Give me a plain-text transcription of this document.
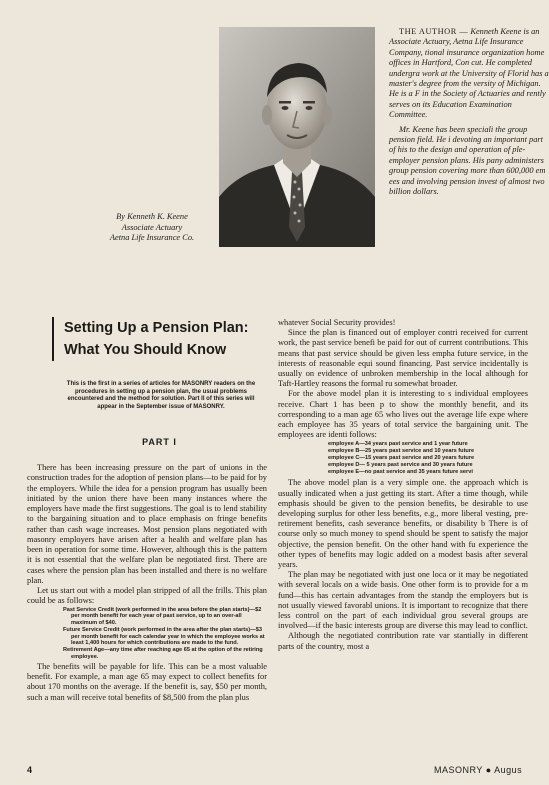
By Kenneth K. Keene
Associate Actuary
Aetna Life Insurance Co.

THE AUTHOR — Kenneth Keene is an Associate Actuary, Aetna Life Insurance Company, tional insurance organization home offices in Hartford, Con cut. He completed undergra work at the University of Florid has a master's degree from the versity of Michigan. He is a F in the Society of Actuaries and rently serves on its Education Examination Committee.

Mr. Keene has been speciali the group pension field. He i devoting an important part of his to the design and operation of ple-employer pension plans. His pany administers group pension covering more than 600,000 em ees and involving pension invest of almost two billion dollars.

Setting Up a Pension Plan:
What You Should Know
This is the first in a series of articles for MASONRY readers on the procedures in setting up a pension plan, the usual problems encountered and the method for solution. Part II of this series will appear in the September issue of MASONRY.
PART I

There has been increasing pressure on the part of unions in the construction trades for the adoption of pension plans—to be paid for by the employers. While the idea for a pension program has usually been initiated by the union there have been many instances where the employers have made the first suggestions. The goal is to lend stability to the bargaining situation and to place emphasis on fringe benefits rather than cash wage increases. Most pension plans negotiated with masonry employers have arisen after a health and welfare plan has been in operation for some time. However, although this is the pattern it is not essential that the welfare plan be negotiated first. There are cases where the pension plan has been installed and there is no welfare plan.

Let us start out with a model plan stripped of all the frills. This plan could be as follows:

Past Service Credit (work performed in the area before the plan starts)—$2 per month benefit for each year of past service, up to an over-all maximum of $40.
Future Service Credit (work performed in the area after the plan starts)—$3 per month benefit for each calendar year in which the employee works at least 1,400 hours for which contributions are made to the fund.
Retirement Age—any time after reaching age 65 at the option of the retiring employee.

The benefits will be payable for life. This can be a most valuable benefit. For example, a man age 65 may expect to collect benefits for about 170 months on the average. If the benefit is, say, $50 per month, such a man will receive total benefits of $8,500 from the plan plus

whatever Social Security provides!

Since the plan is financed out of employer contri received for current work, the past service benefi be paid for out of current contributions. This means that past service should be given less empha future service, in the interests of reasonable equi sound financing. Past service incidentally is usually on evidence of unbroken membership in the local although for Taft-Hartley reasons the formal ru somewhat broader.

For the above model plan it is interesting to s individual employees receive. Chart 1 has been p to show the monthly benefit, and its corresponding to a man age 65 who lives out the average life expe where each employee has 35 years of total service the bargaining unit. The employees are identi follows:

employee A—34 years past service and 1 year future
employee B—25 years past service and 10 years future
employee C—15 years past service and 20 years future
employee D— 5 years past service and 30 years future
employee E—no past service and 35 years future servi

The above model plan is a very simple one. the approach which is usually indicated when a just getting its start. After a time though, while emphasis should be given to the pension benefits, be desirable to use developing surplus for other less benefits, e.g., more liberal vesting, pre-retirement benefits, cash severance benefits, or disability b There is of course only so much money to spend should be spent to satisfy the major objective, the pension benefit. On the other hand with fu experience the other types of benefits may logic added on a modest basis after several years.

The plan may be negotiated with just one loca or it may be negotiated with several locals on a wide basis. One other form is to provide for a m fund—this has certain advantages from the standp the employers but is not usually viewed favorabl unions. It is important to recognize that there less control on the part of each individual grou several groups are involved—if the basic interests group are diverse this may lead to conflict.

Although the negotiated contribution rate var stantially in different parts of the country, most a

4	MASONRY ● Augus
